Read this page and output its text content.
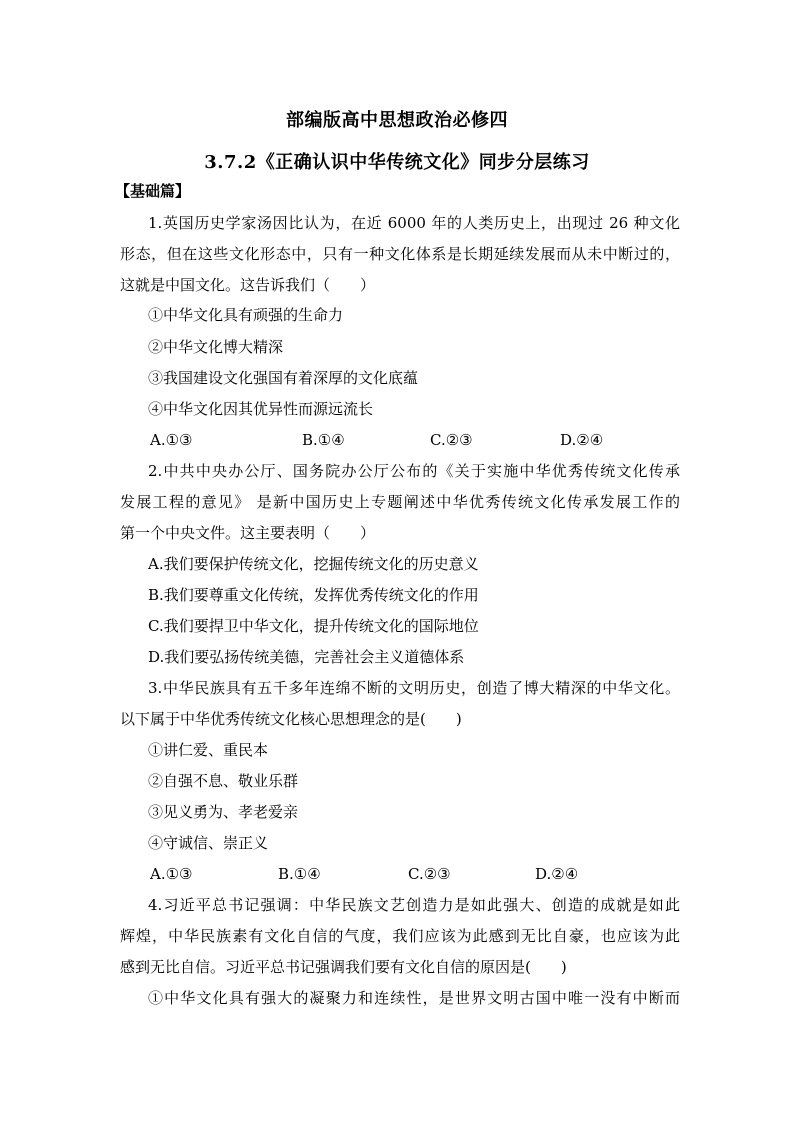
部编版高中思想政治必修四
3.7.2《正确认识中华传统文化》同步分层练习
【基础篇】
1.英国历史学家汤因比认为，在近 6000 年的人类历史上，出现过 26 种文化
形态，但在这些文化形态中，只有一种文化体系是长期延续发展而从未中断过的，
这就是中国文化。这告诉我们（　　）
①中华文化具有顽强的生命力
②中华文化博大精深
③我国建设文化强国有着深厚的文化底蕴
④中华文化因其优异性而源远流长
A.①③	B.①④	C.②③	D.②④
2.中共中央办公厅、国务院办公厅公布的《关于实施中华优秀传统文化传承
发展工程的意见》 是新中国历史上专题阐述中华优秀传统文化传承发展工作的
第一个中央文件。这主要表明（　　）
A.我们要保护传统文化，挖掘传统文化的历史意义
B.我们要尊重文化传统，发挥优秀传统文化的作用
C.我们要捍卫中华文化，提升传统文化的国际地位
D.我们要弘扬传统美德，完善社会主义道德体系
3.中华民族具有五千多年连绵不断的文明历史，创造了博大精深的中华文化。
以下属于中华优秀传统文化核心思想理念的是(　　)
①讲仁爱、重民本
②自强不息、敬业乐群
③见义勇为、孝老爱亲
④守诚信、崇正义
A.①③	B.①④	C.②③	D.②④
4.习近平总书记强调：中华民族文艺创造力是如此强大、创造的成就是如此
辉煌，中华民族素有文化自信的气度，我们应该为此感到无比自豪，也应该为此
感到无比自信。习近平总书记强调我们要有文化自信的原因是(　　)
①中华文化具有强大的凝聚力和连续性，是世界文明古国中唯一没有中断而
